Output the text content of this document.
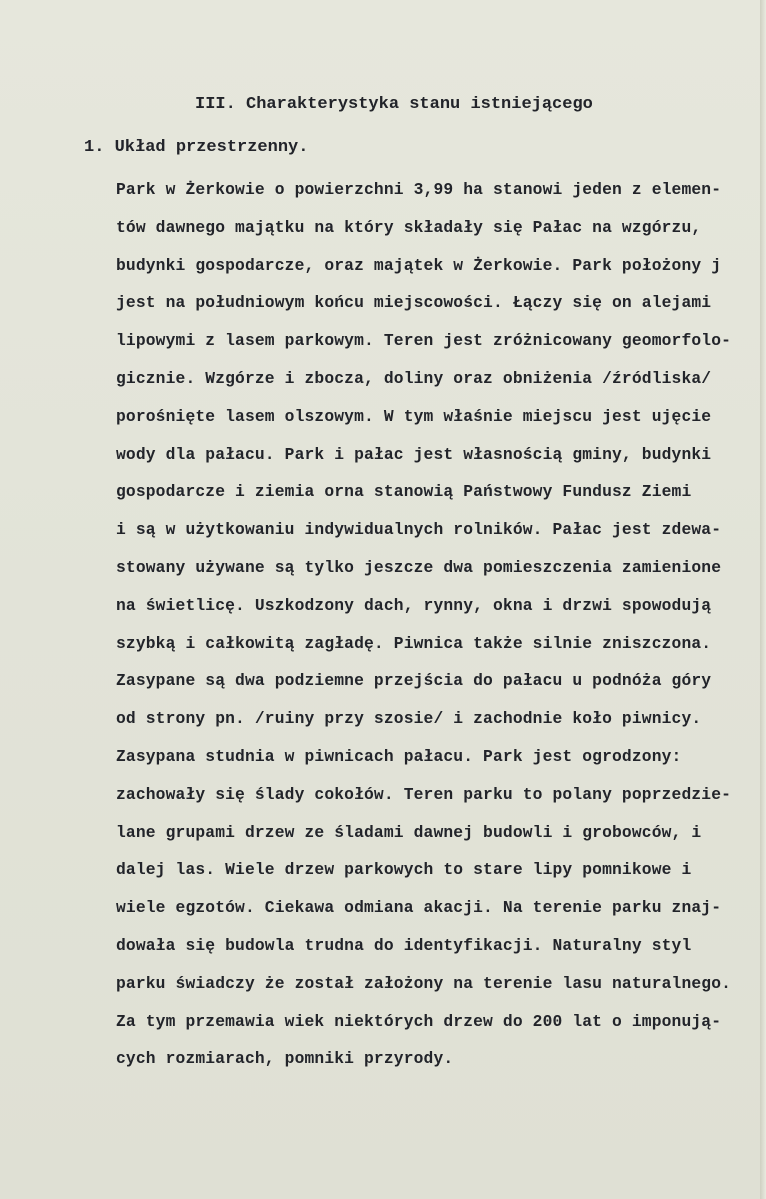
III. Charakterystyka stanu istniejącego
1. Układ przestrzenny.
Park w Żerkowie o powierzchni 3,99 ha stanowi jeden z elemen-
tów dawnego majątku na który składały się Pałac na wzgórzu,
budynki gospodarcze, oraz majątek w Żerkowie. Park położony j
jest na południowym końcu miejscowości. Łączy się on alejami
lipowymi z lasem parkowym. Teren jest zróżnicowany geomorfolo-
gicznie. Wzgórze i zbocza, doliny oraz obniżenia /źródliska/
porośnięte lasem olszowym. W tym właśnie miejscu jest ujęcie
wody dla pałacu. Park i pałac jest własnością gminy, budynki
gospodarcze i ziemia orna stanowią Państwowy Fundusz Ziemi
i są w użytkowaniu indywidualnych rolników. Pałac jest zdewa-
stowany używane są tylko jeszcze dwa pomieszczenia zamienione
na świetlicę. Uszkodzony dach, rynny, okna i drzwi spowodują
szybką i całkowitą zagładę. Piwnica także silnie zniszczona.
Zasypane są dwa podziemne przejścia do pałacu u podnóża góry
od strony pn. /ruiny przy szosie/ i zachodnie koło piwnicy.
Zasypana studnia w piwnicach pałacu. Park jest ogrodzony:
zachowały się ślady cokołów. Teren parku to polany poprzedzie-
lane grupami drzew ze śladami dawnej budowli i grobowców, i
dalej las. Wiele drzew parkowych to stare lipy pomnikowe i
wiele egzotów. Ciekawa odmiana akacji. Na terenie parku znaj-
dowała się budowla trudna do identyfikacji. Naturalny styl
parku świadczy że został założony na terenie lasu naturalnego.
Za tym przemawia wiek niektórych drzew do 200 lat o imponują-
cych rozmiarach, pomniki przyrody.
